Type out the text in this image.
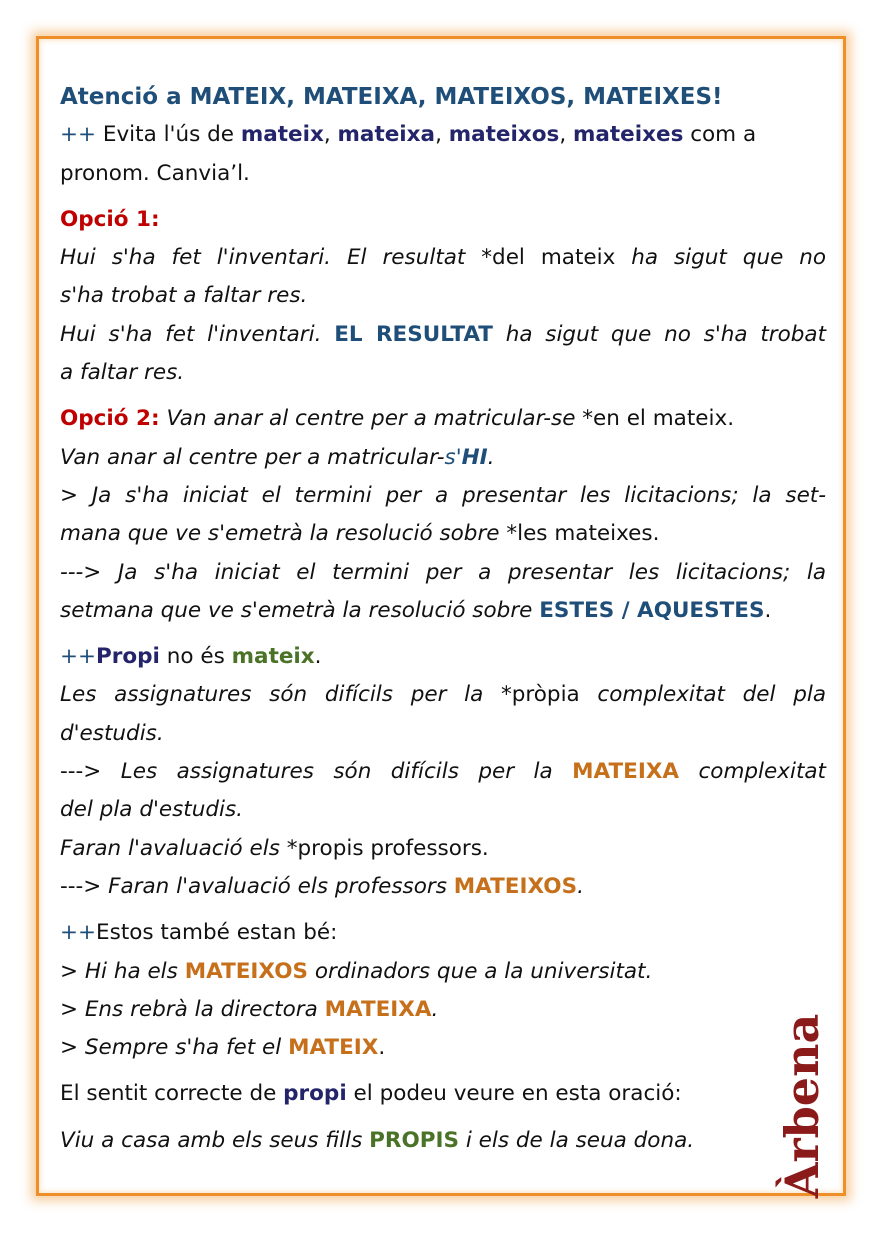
Atenció a MATEIX, MATEIXA, MATEIXOS, MATEIXES!
++ Evita l'ús de mateix, mateixa, mateixos, mateixes com a
pronom. Canvia’l.
Opció 1:
Hui s'ha fet l'inventari. El resultat *del mateix ha sigut que no
s'ha trobat a faltar res.
Hui s'ha fet l'inventari. EL RESULTAT ha sigut que no s'ha trobat
a faltar res.
Opció 2: Van anar al centre per a matricular-se *en el mateix.
Van anar al centre per a matricular-s'HI.
> Ja s'ha iniciat el termini per a presentar les licitacions; la set-
mana que ve s'emetrà la resolució sobre *les mateixes.
---> Ja s'ha iniciat el termini per a presentar les licitacions; la
setmana que ve s'emetrà la resolució sobre ESTES / AQUESTES.
++Propi no és mateix.
Les assignatures són difícils per la *pròpia complexitat del pla
d'estudis.
---> Les assignatures són difícils per la MATEIXA complexitat
del pla d'estudis.
Faran l'avaluació els *propis professors.
---> Faran l'avaluació els professors MATEIXOS.
++Estos també estan bé:
> Hi ha els MATEIXOS ordinadors que a la universitat.
> Ens rebrà la directora MATEIXA.
> Sempre s'ha fet el MATEIX.
El sentit correcte de propi el podeu veure en esta oració:
Viu a casa amb els seus fills PROPIS i els de la seua dona.	Àrbena
